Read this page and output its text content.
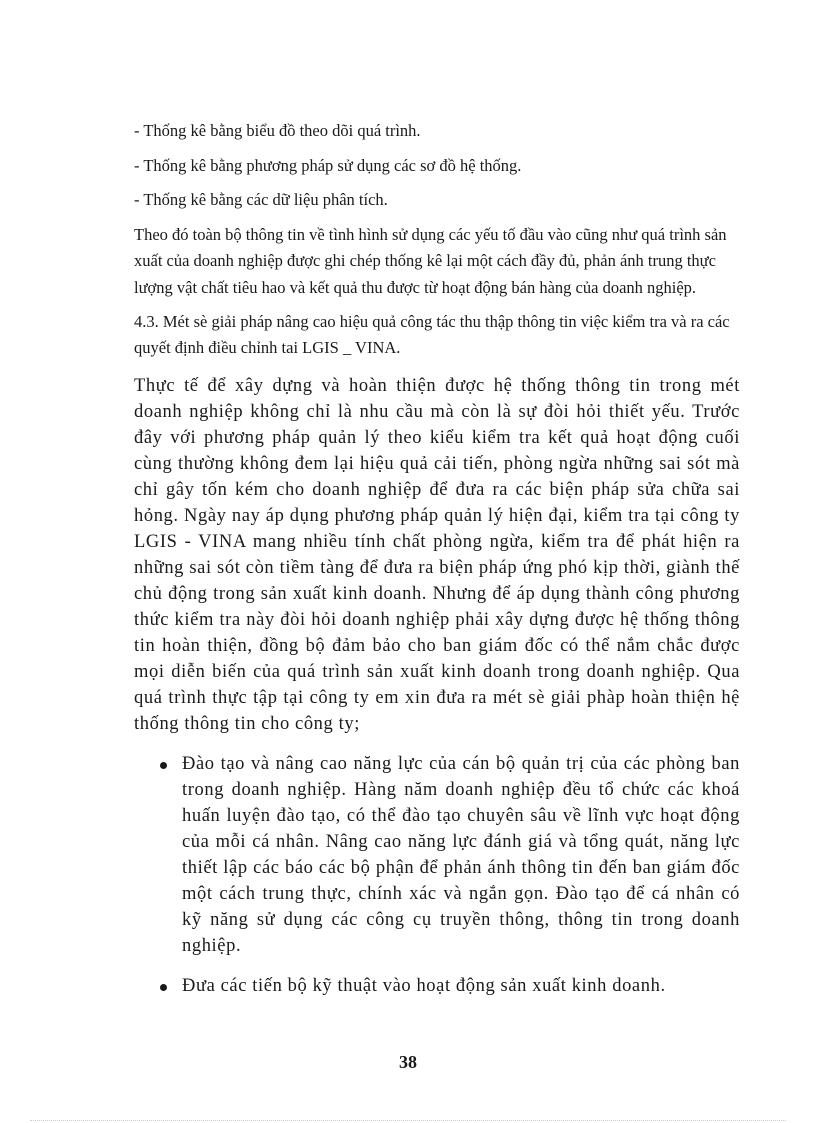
- Thống kê bằng biểu đồ theo dõi quá trình.

- Thống kê bằng phương pháp sử dụng các sơ đồ hệ thống.

- Thống kê bằng các dữ liệu phân tích.

Theo đó toàn bộ thông tin về tình hình sử dụng các yếu tố đầu vào cũng như quá trình sản xuất của doanh nghiệp được ghi chép thống kê lại một cách đầy đủ, phản ánh trung thực lượng vật chất tiêu hao và kết quả thu được từ hoạt động bán hàng của doanh nghiệp.

4.3. Mét sè giải pháp nâng cao hiệu quả công tác thu thập thông tin việc kiểm tra và ra các quyết định điều chỉnh tai LGIS _ VINA.

Thực tế để xây dựng và hoàn thiện được hệ thống thông tin trong mét doanh nghiệp không chỉ là nhu cầu mà còn là sự đòi hỏi thiết yếu. Trước đây với phương pháp quản lý theo kiểu kiểm tra kết quả hoạt động cuối cùng thường không đem lại hiệu quả cải tiến, phòng ngừa những sai sót mà chỉ gây tốn kém cho doanh nghiệp để đưa ra các biện pháp sửa chữa sai hỏng. Ngày nay áp dụng phương pháp quản lý hiện đại, kiểm tra tại công ty LGIS - VINA mang nhiều tính chất phòng ngừa, kiểm tra để phát hiện ra những sai sót còn tiềm tàng để đưa ra biện pháp ứng phó kịp thời, giành thế chủ động trong sản xuất kinh doanh. Nhưng để áp dụng thành công phương thức kiểm tra này đòi hỏi doanh nghiệp phải xây dựng được hệ thống thông tin hoàn thiện, đồng bộ đảm bảo cho ban giám đốc có thể nắm chắc được mọi diễn biến của quá trình sản xuất kinh doanh trong doanh nghiệp. Qua quá trình thực tập tại công ty em xin đưa ra mét sè giải phàp hoàn thiện hệ thống thông tin cho công ty;

Đào tạo và nâng cao năng lực của cán bộ quản trị của các phòng ban trong doanh nghiệp. Hàng năm doanh nghiệp đều tổ chức các khoá huấn luyện đào tạo, có thể đào tạo chuyên sâu về lĩnh vực hoạt động của mỗi cá nhân. Nâng cao năng lực đánh giá và tổng quát, năng lực thiết lập các báo các bộ phận để phản ánh thông tin đến ban giám đốc một cách trung thực, chính xác và ngắn gọn. Đào tạo để cá nhân có kỹ năng sử dụng các công cụ truyền thông, thông tin trong doanh nghiệp.

Đưa các tiến bộ kỹ thuật vào hoạt động sản xuất kinh doanh.

38
